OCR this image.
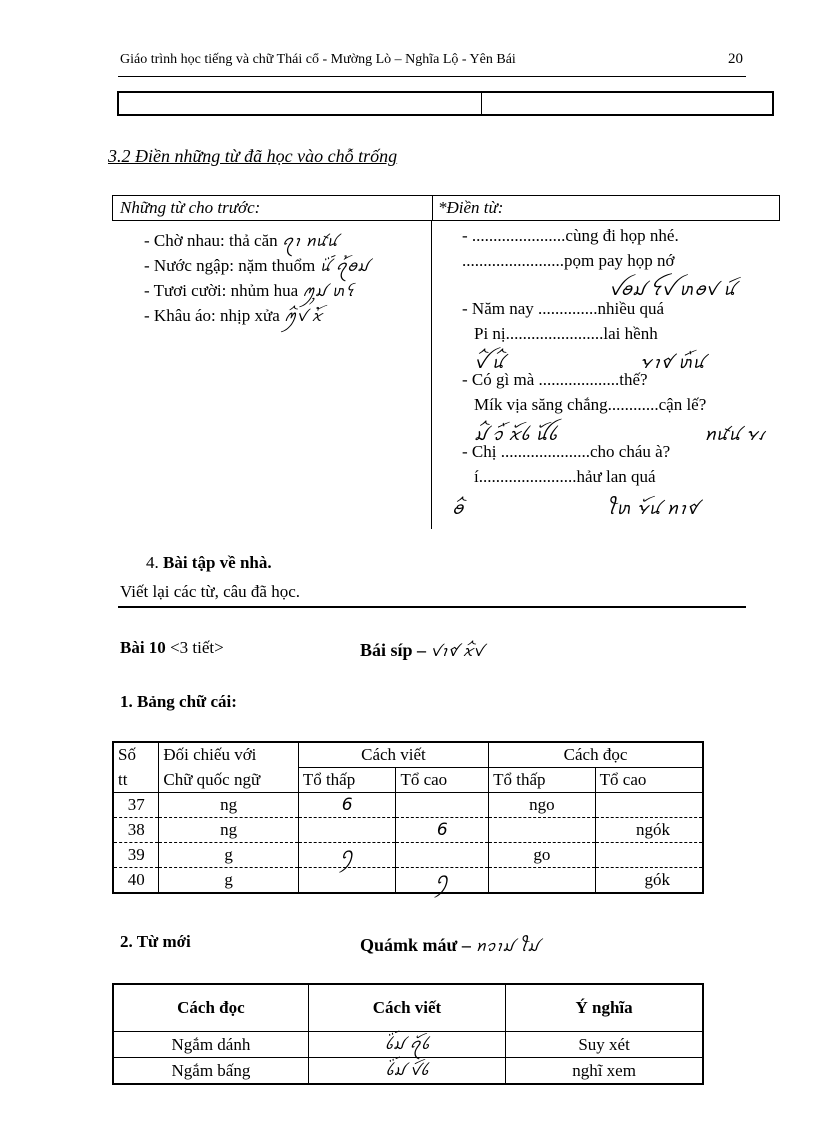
Giáo trình học tiếng và chữ Thái cổ - Mường Lò – Nghĩa Lộ - Yên Bái	20
3.2 Điền những từ đã học vào chỗ trống
Những từ cho trước:	*Điền từ:
- Chờ nhau: thả căn ꪖꪱ ꪀꪽꪙ
- Nước ngập: nặm thuổm ꪙꪾ ꪖ꫁ꪮꪣ
- Tươi cười: nhủm hua ꪑꪴꪣ ꪬꪺ
- Khâu áo: nhịp xửa ꪑꪲꪚ ꪎꪳ
- ......................cùng đi họp nhé.
........................pọm pay họp nớ
ꪜꪮꪣ ꪼꪜ ꪬꪮꪚ ꪙꪷ
- Năm nay ..............nhiều quá
Pi nị.......................lai hềnh
ꪜꪲ ꪙꪲ	ꪩꪱꪥ ꪬꪸꪙ
- Có gì mà ...................thế?
Mík vịa săng chắng............cận lế?
ꪣꪲ ꪫꪸ ꪎꪰꪉ ꪊꪰꪉ	ꪀꪽꪙ ꪩꪹ
- Chị .....................cho cháu à?
í.......................hảư lan quá
ꪮꪲ	ꪻꪬ ꪩꪰꪙ ꪀꪱꪥ
4. Bài tập về nhà.
Viết lại các từ, câu đã học.
Bài 10 <3 tiết>	Bái síp – ꪚꪱꪥ ꪎꪲꪚ
1. Bảng chữ cái:
Số	Đối chiếu với	Cách viết		Cách đọc	
tt	Chữ quốc ngữ	Tổ thấp	Tổ cao	Tổ thấp	Tổ cao
37	ng	6		ngo	
38	ng		6		ngók
39	g	ꪆ		go	
40	g		ꪆ		gók
2. Từ mới	Quámk máư – ꪀꪫꪱꪣ ꪻꪣ
Cách đọc	Cách viết	Ý nghĩa
Ngắm dánh	ꪉꪾꪣ ꪖꪰꪉ	Suy xét
Ngắm bấng	ꪉꪾꪣ ꪚꪷꪉ	nghĩ xem
